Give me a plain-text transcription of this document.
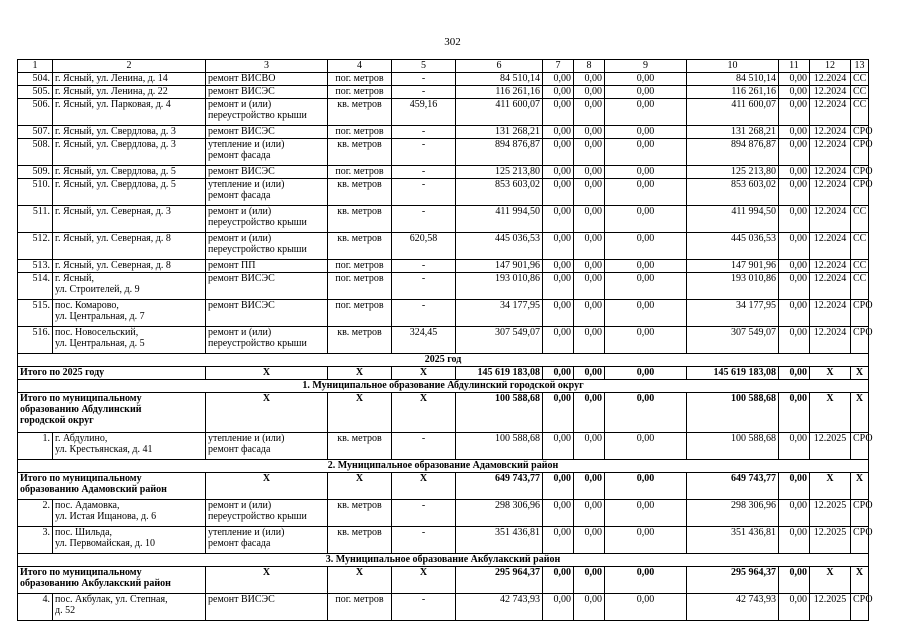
302
1	2	3	4	5	6	7	8	9	10	11	12	13
504.	г. Ясный, ул. Ленина, д. 14	ремонт ВИСВО	пог. метров	-	84 510,14	0,00	0,00	0,00	84 510,14	0,00	12.2024	СС
505.	г. Ясный, ул. Ленина, д. 22	ремонт ВИСЭС	пог. метров	-	116 261,16	0,00	0,00	0,00	116 261,16	0,00	12.2024	СС
506.	г. Ясный, ул. Парковая, д. 4	ремонт и (или)
переустройство крыши	кв. метров	459,16	411 600,07	0,00	0,00	0,00	411 600,07	0,00	12.2024	СС
507.	г. Ясный, ул. Свердлова, д. 3	ремонт ВИСЭС	пог. метров	-	131 268,21	0,00	0,00	0,00	131 268,21	0,00	12.2024	СРО
508.	г. Ясный, ул. Свердлова, д. 3	утепление и (или)
ремонт фасада	кв. метров	-	894 876,87	0,00	0,00	0,00	894 876,87	0,00	12.2024	СРО
509.	г. Ясный, ул. Свердлова, д. 5	ремонт ВИСЭС	пог. метров	-	125 213,80	0,00	0,00	0,00	125 213,80	0,00	12.2024	СРО
510.	г. Ясный, ул. Свердлова, д. 5	утепление и (или)
ремонт фасада	кв. метров	-	853 603,02	0,00	0,00	0,00	853 603,02	0,00	12.2024	СРО
511.	г. Ясный, ул. Северная, д. 3	ремонт и (или)
переустройство крыши	кв. метров	-	411 994,50	0,00	0,00	0,00	411 994,50	0,00	12.2024	СС
512.	г. Ясный, ул. Северная, д. 8	ремонт и (или)
переустройство крыши	кв. метров	620,58	445 036,53	0,00	0,00	0,00	445 036,53	0,00	12.2024	СС
513.	г. Ясный, ул. Северная, д. 8	ремонт ПП	пог. метров	-	147 901,96	0,00	0,00	0,00	147 901,96	0,00	12.2024	СС
514.	г. Ясный,
ул. Строителей, д. 9	ремонт ВИСЭС	пог. метров	-	193 010,86	0,00	0,00	0,00	193 010,86	0,00	12.2024	СС
515.	пос. Комарово,
ул. Центральная, д. 7	ремонт ВИСЭС	пог. метров	-	34 177,95	0,00	0,00	0,00	34 177,95	0,00	12.2024	СРО
516.	пос. Новосельский,
ул. Центральная, д. 5	ремонт и (или)
переустройство крыши	кв. метров	324,45	307 549,07	0,00	0,00	0,00	307 549,07	0,00	12.2024	СРО
2025 год												
Итого по 2025 году		X	X	X	145 619 183,08	0,00	0,00	0,00	145 619 183,08	0,00	X	X
1. Муниципальное образование Абдулинский городской округ												

Итого по муниципальному
образованию Абдулинский
городской округ		X	X	X	100 588,68	0,00	0,00	0,00	100 588,68	0,00	X	X
1.	г. Абдулино,
ул. Крестьянская, д. 41	утепление и (или)
ремонт фасада	кв. метров	-	100 588,68	0,00	0,00	0,00	100 588,68	0,00	12.2025	СРО
2. Муниципальное образование Адамовский район												

Итого по муниципальному
образованию Адамовский район		X	X	X	649 743,77	0,00	0,00	0,00	649 743,77	0,00	X	X
2.	пос. Адамовка,
ул. Истая Ищанова, д. 6	ремонт и (или)
переустройство крыши	кв. метров	-	298 306,96	0,00	0,00	0,00	298 306,96	0,00	12.2025	СРО
3.	пос. Шильда,
ул. Первомайская, д. 10	утепление и (или)
ремонт фасада	кв. метров	-	351 436,81	0,00	0,00	0,00	351 436,81	0,00	12.2025	СРО
3. Муниципальное образование Акбулакский район												

Итого по муниципальному
образованию Акбулакский район		X	X	X	295 964,37	0,00	0,00	0,00	295 964,37	0,00	X	X
4.	пос. Акбулак, ул. Степная,
д. 52	ремонт ВИСЭС	пог. метров	-	42 743,93	0,00	0,00	0,00	42 743,93	0,00	12.2025	СРО
